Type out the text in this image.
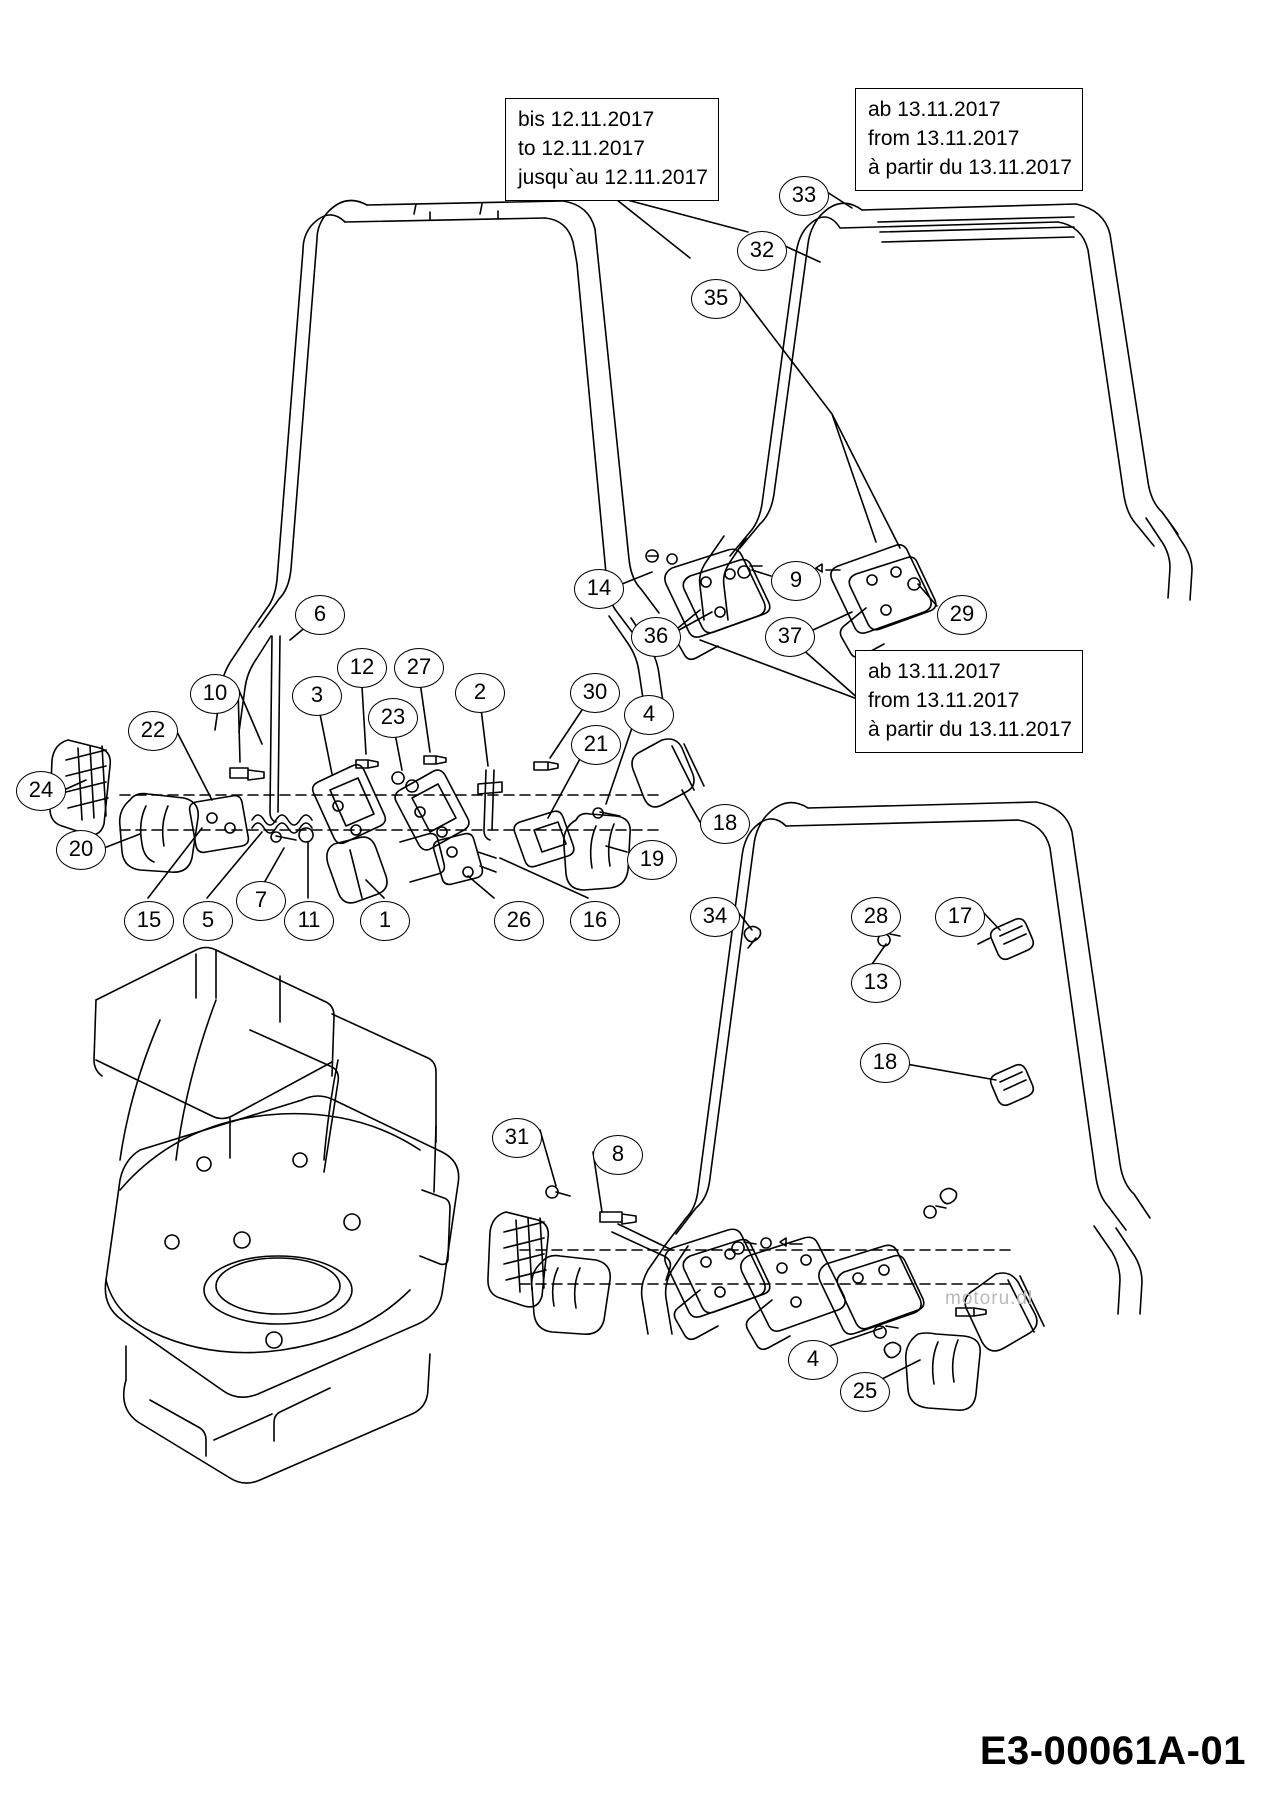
bis 12.11.2017
to 12.11.2017
jusqu`au 12.11.2017
ab 13.11.2017
from 13.11.2017
à partir du 13.11.2017
ab 13.11.2017
from 13.11.2017
à partir du 13.11.2017
33
32
35
14	9
29
36	37
6
12	27
10	3
23
2	30
4
22
21
24
18
20	19
15	5
7
11	1	26	16	34	28	17
13
18
31
8
4
25
motoru.dl
E3-00061A-01
